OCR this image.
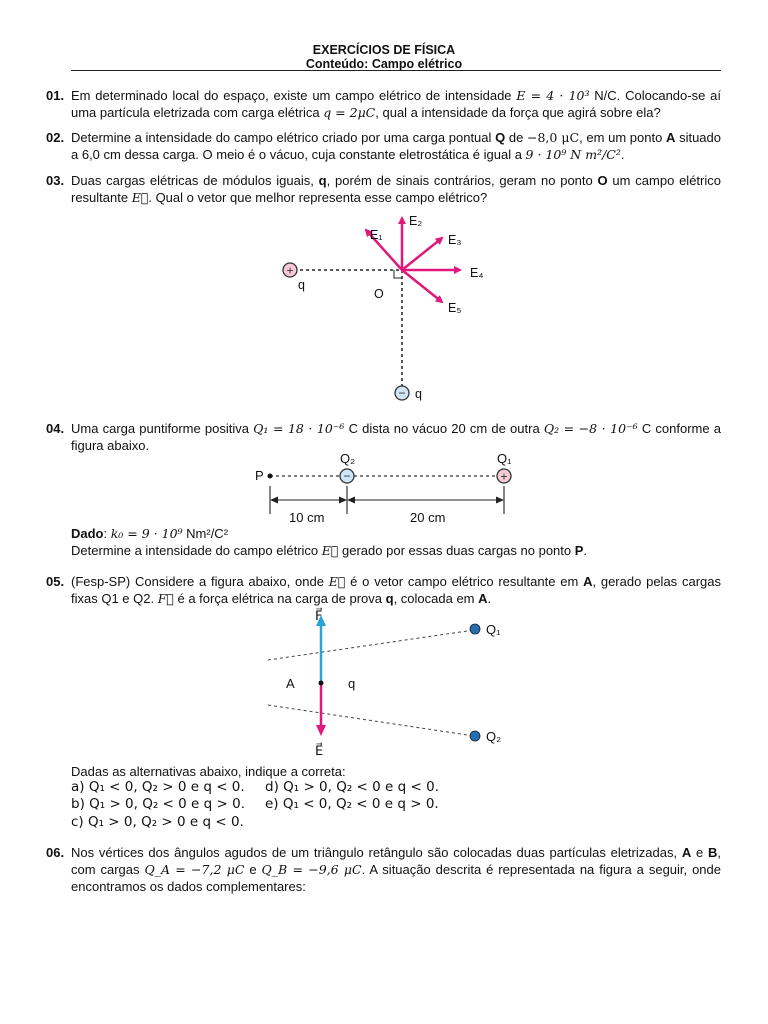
EXERCÍCIOS DE FÍSICA
Conteúdo: Campo elétrico
01. Em determinado local do espaço, existe um campo elétrico de intensidade E = 4 · 10³ N/C. Colocando-se aí uma partícula eletrizada com carga elétrica q = 2μC, qual a intensidade da força que agirá sobre ela?

02. Determine a intensidade do campo elétrico criado por uma carga pontual Q de −8,0 μC, em um ponto A situado a 6,0 cm dessa carga. O meio é o vácuo, cuja constante eletrostática é igual a 9 · 10⁹ N m²/C².

03. Duas cargas elétricas de módulos iguais, q, porém de sinais contrários, geram no ponto O um campo elétrico resultante E⃗. Qual o vetor que melhor representa esse campo elétrico?

+
−
E₁
E₂
E₃
E₄
E₅
O
q
q
04. Uma carga puntiforme positiva Q₁ = 18 · 10⁻⁶ C dista no vácuo 20 cm de outra Q₂ = −8 · 10⁻⁶ C conforme a figura abaixo.

−	+
P
Q₂	Q₁
10 cm	20 cm

Dado: k₀ = 9 · 10⁹ Nm²/C²

Determine a intensidade do campo elétrico E⃗ gerado por essas duas cargas no ponto P.

05. (Fesp-SP) Considere a figura abaixo, onde E⃗ é o vetor campo elétrico resultante em A, gerado pelas cargas fixas Q1 e Q2. F⃗ é a força elétrica na carga de prova q, colocada em A.

F⃗
E⃗
A	q
Q₁
Q₂
Dadas as alternativas abaixo, indique a correta:
a) Q₁ < 0, Q₂ > 0 e q < 0.
b) Q₁ > 0, Q₂ < 0 e q > 0.
c) Q₁ > 0, Q₂ > 0 e q < 0.
d) Q₁ > 0, Q₂ < 0 e q < 0.
e) Q₁ < 0, Q₂ < 0 e q > 0.
06. Nos vértices dos ângulos agudos de um triângulo retângulo são colocadas duas partículas eletrizadas, A e B, com cargas Q_A = −7,2 μC e Q_B = −9,6 μC. A situação descrita é representada na figura a seguir, onde encontramos os dados complementares:
